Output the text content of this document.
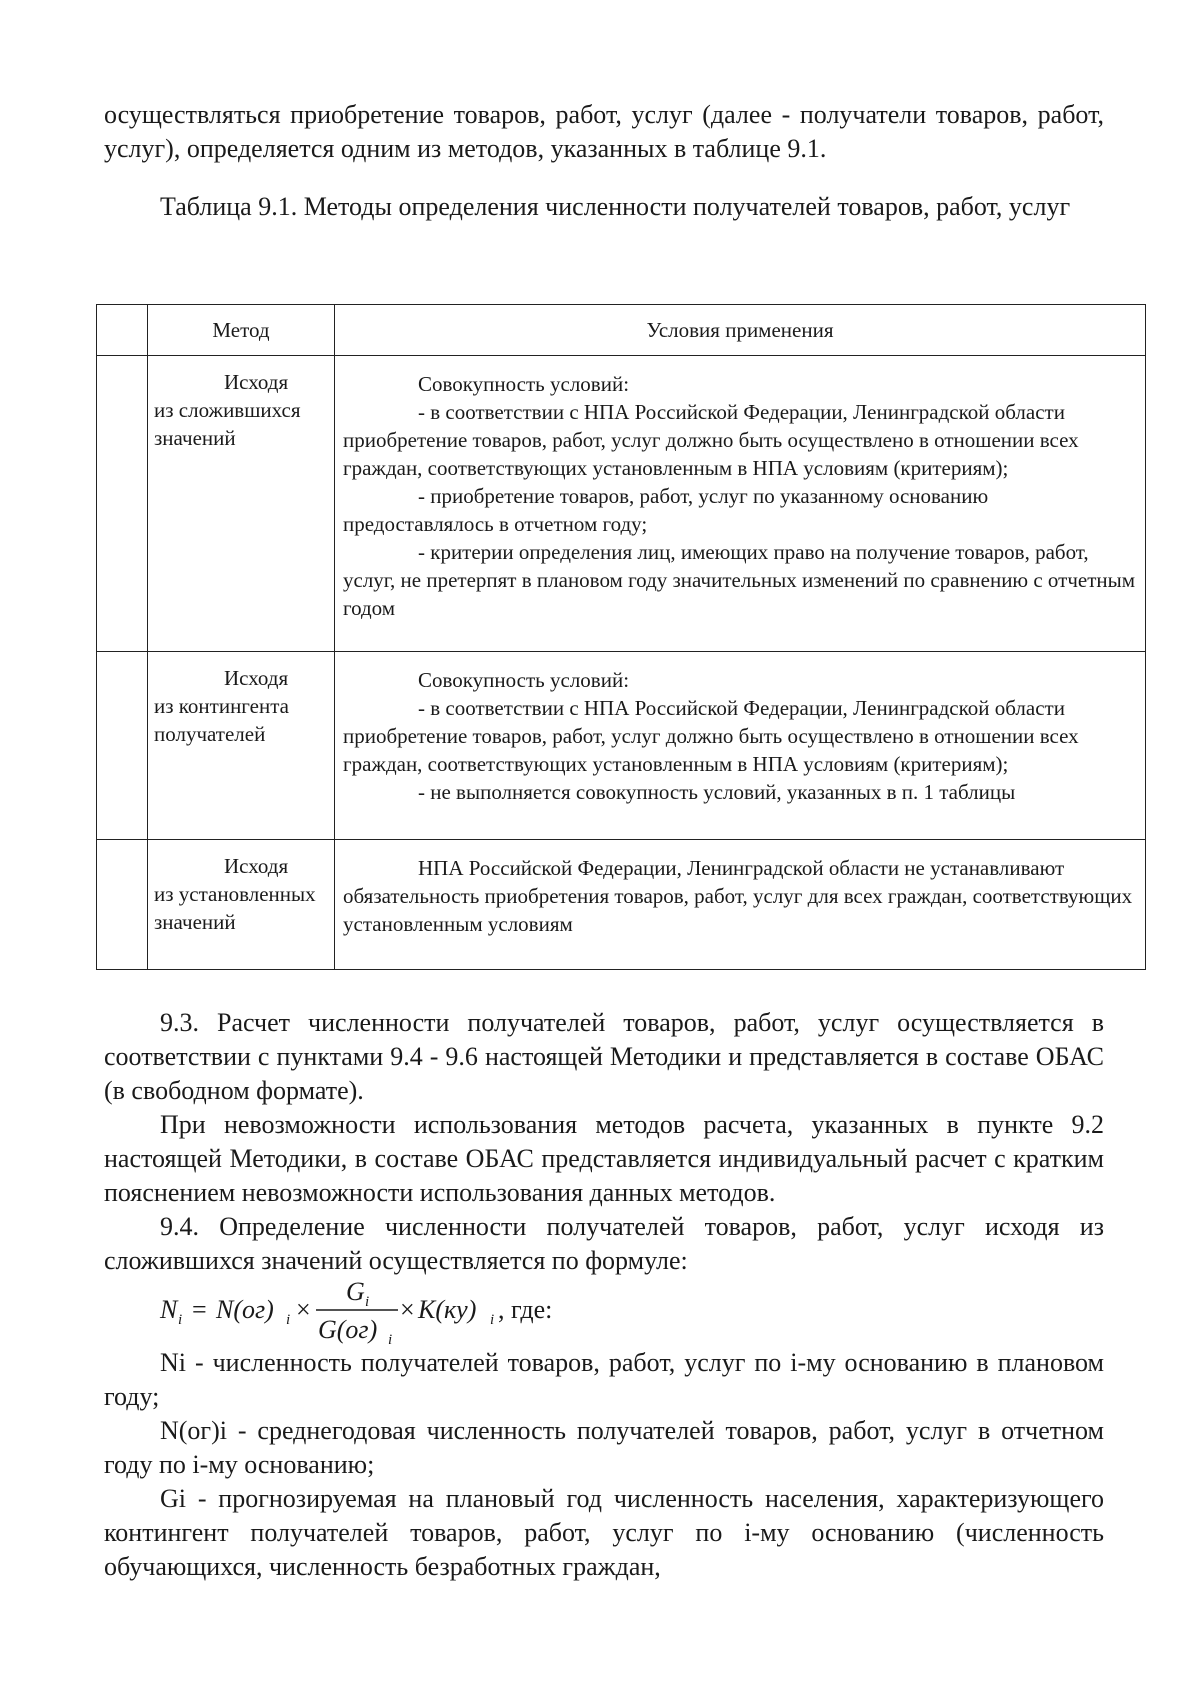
осуществляться приобретение товаров, работ, услуг (далее - получатели товаров, работ, услуг), определяется одним из методов, указанных в таблице 9.1.

Таблица 9.1. Методы определения численности получателей товаров, работ, услуг

	Метод	Условия применения

	Исходя
из сложившихся значений	Совокупность условий:
- в соответствии с НПА Российской Федерации, Ленинградской области приобретение товаров, работ, услуг должно быть осуществлено в отношении всех граждан, соответствующих установленным в НПА условиям (критериям);
- приобретение товаров, работ, услуг по указанному основанию предоставлялось в отчетном году;
- критерии определения лиц, имеющих право на получение товаров, работ, услуг, не претерпят в плановом году значительных изменений по сравнению с отчетным годом

	Исходя
из контингента получателей	Совокупность условий:
- в соответствии с НПА Российской Федерации, Ленинградской области приобретение товаров, работ, услуг должно быть осуществлено в отношении всех граждан, соответствующих установленным в НПА условиям (критериям);
- не выполняется совокупность условий, указанных в п. 1 таблицы

	Исходя
из установленных значений	НПА Российской Федерации, Ленинградской области не устанавливают обязательность приобретения товаров, работ, услуг для всех граждан, соответствующих установленным условиям

9.3. Расчет численности получателей товаров, работ, услуг осуществляется в соответствии с пунктами 9.4 - 9.6 настоящей Методики и представляется в составе ОБАС (в свободном формате).

При невозможности использования методов расчета, указанных в пункте 9.2 настоящей Методики, в составе ОБАС представляется индивидуальный расчет с кратким пояснением невозможности использования данных методов.

9.4. Определение численности получателей товаров, работ, услуг исходя из сложившихся значений осуществляется по формуле:

N i = N(ог) i ×
G i
G(ог) i
× K(ку) i , где:

Ni - численность получателей товаров, работ, услуг по i-му основанию в плановом году;

N(ог)i - среднегодовая численность получателей товаров, работ, услуг в отчетном году по i-му основанию;

Gi - прогнозируемая на плановый год численность населения, характеризующего контингент получателей товаров, работ, услуг по i-му основанию (численность обучающихся, численность безработных граждан,
